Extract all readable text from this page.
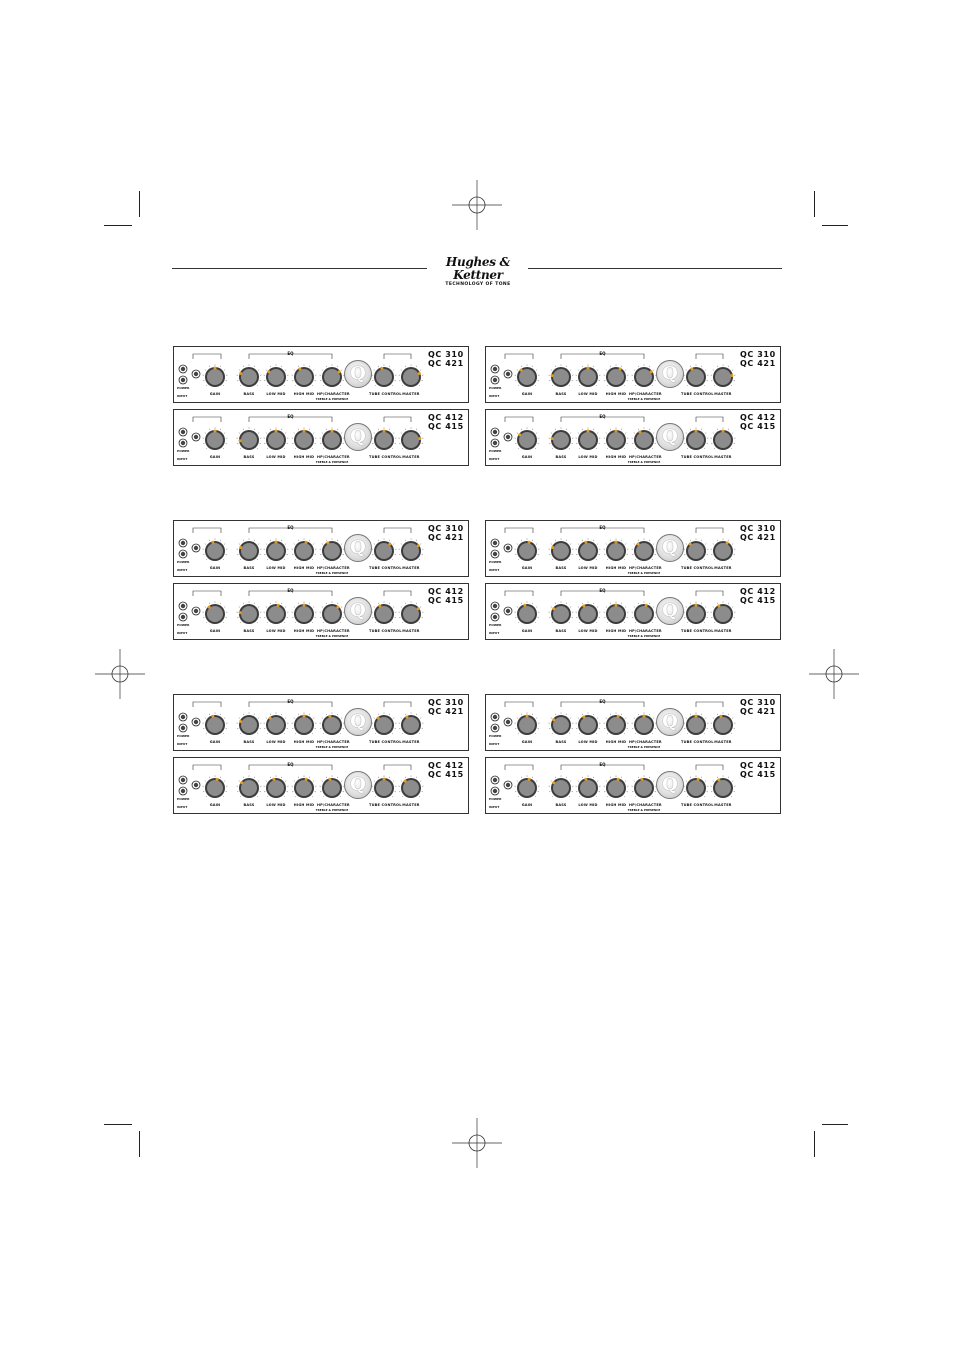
Hughes & Kettner
TECHNOLOGY OF TONE
Q
EQ
INPUT
POWER
GAIN	BASS	LOW MID	HIGH MID HP/CHARACTER	TUBE CONTROL MASTER
TREBLE & PRESENCE
QC 310
QC 421
Q
EQ
INPUT
POWER
GAIN	BASS	LOW MID	HIGH MID HP/CHARACTER	TUBE CONTROL MASTER
TREBLE & PRESENCE
QC 412
QC 415
Q
EQ
INPUT
POWER
GAIN	BASS	LOW MID	HIGH MID HP/CHARACTER	TUBE CONTROL MASTER
TREBLE & PRESENCE
QC 310
QC 421
Q
EQ
INPUT
POWER
GAIN	BASS	LOW MID	HIGH MID HP/CHARACTER	TUBE CONTROL MASTER
TREBLE & PRESENCE
QC 412
QC 415
Q
EQ
INPUT
POWER
GAIN	BASS	LOW MID	HIGH MID HP/CHARACTER	TUBE CONTROL MASTER
TREBLE & PRESENCE
QC 310
QC 421
Q
EQ
INPUT
POWER
GAIN	BASS	LOW MID	HIGH MID HP/CHARACTER	TUBE CONTROL MASTER
TREBLE & PRESENCE
QC 412
QC 415
Q
EQ
INPUT
POWER
GAIN	BASS	LOW MID	HIGH MID HP/CHARACTER	TUBE CONTROL MASTER
TREBLE & PRESENCE
QC 310
QC 421
Q
EQ
INPUT
POWER
GAIN	BASS	LOW MID	HIGH MID HP/CHARACTER	TUBE CONTROL MASTER
TREBLE & PRESENCE
QC 412
QC 415
Q
EQ
INPUT
POWER
GAIN	BASS	LOW MID	HIGH MID HP/CHARACTER	TUBE CONTROL MASTER
TREBLE & PRESENCE
QC 310
QC 421
Q
EQ
INPUT
POWER
GAIN	BASS	LOW MID	HIGH MID HP/CHARACTER	TUBE CONTROL MASTER
TREBLE & PRESENCE
QC 412
QC 415
Q
EQ
INPUT
POWER
GAIN	BASS	LOW MID	HIGH MID HP/CHARACTER	TUBE CONTROL MASTER
TREBLE & PRESENCE
QC 310
QC 421
Q
EQ
INPUT
POWER
GAIN	BASS	LOW MID	HIGH MID HP/CHARACTER	TUBE CONTROL MASTER
TREBLE & PRESENCE
QC 412
QC 415
